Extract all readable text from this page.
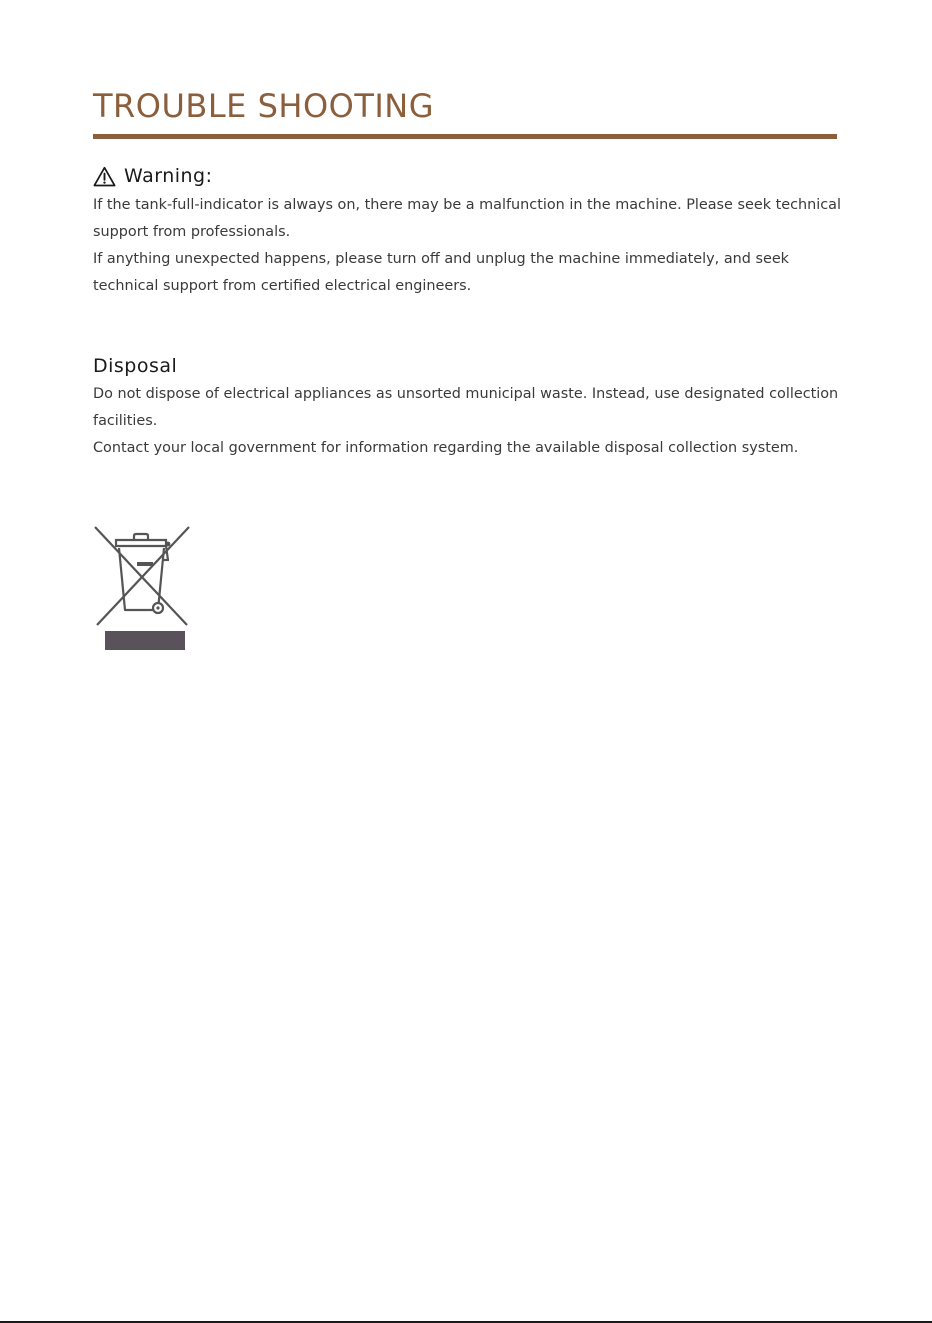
TROUBLE SHOOTING
Warning:
If the tank-full-indicator is always on, there may be a malfunction in the machine. Please seek technical
support from professionals.
If anything unexpected happens, please turn off and unplug the machine immediately, and seek
technical support from certified electrical engineers.
Disposal
Do not dispose of electrical appliances as unsorted municipal waste. Instead, use designated collection
facilities.
Contact your local government for information regarding the available disposal collection system.
